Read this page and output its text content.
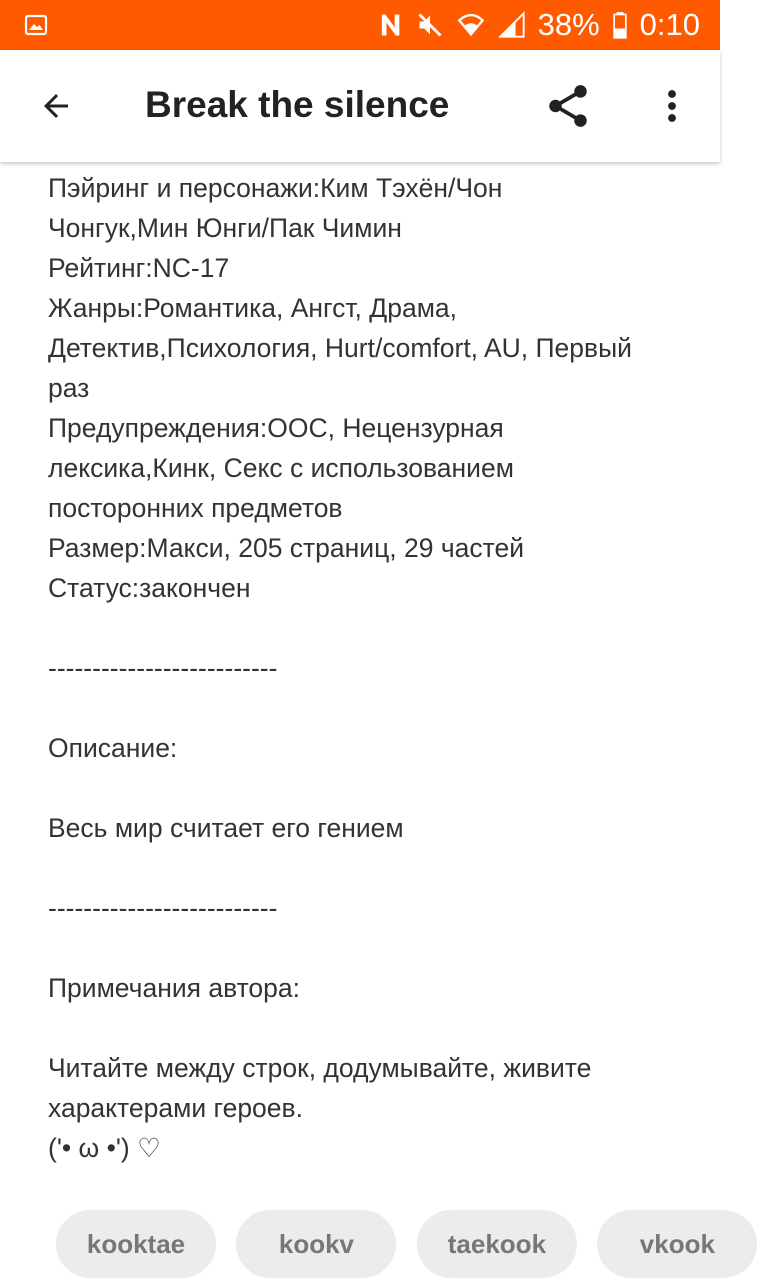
38% 0:10
Break the silence

Пэйринг и персонажи:Ким Тэхён/Чон

Чонгук,Мин Юнги/Пак Чимин

Рейтинг:NC-17

Жанры:Романтика, Ангст, Драма,

Детектив,Психология, Hurt/comfort, AU, Первый

раз

Предупреждения:ООС, Нецензурная

лексика,Кинк, Секс с использованием

посторонних предметов

Размер:Макси, 205 страниц, 29 частей

Статус:закончен

--------------------------

Описание:

Весь мир считает его гением

--------------------------

Примечания автора:

Читайте между строк, додумывайте, живите

характерами героев.

('• ω •') ♡

kooktae	kookv	taekook	vkook
